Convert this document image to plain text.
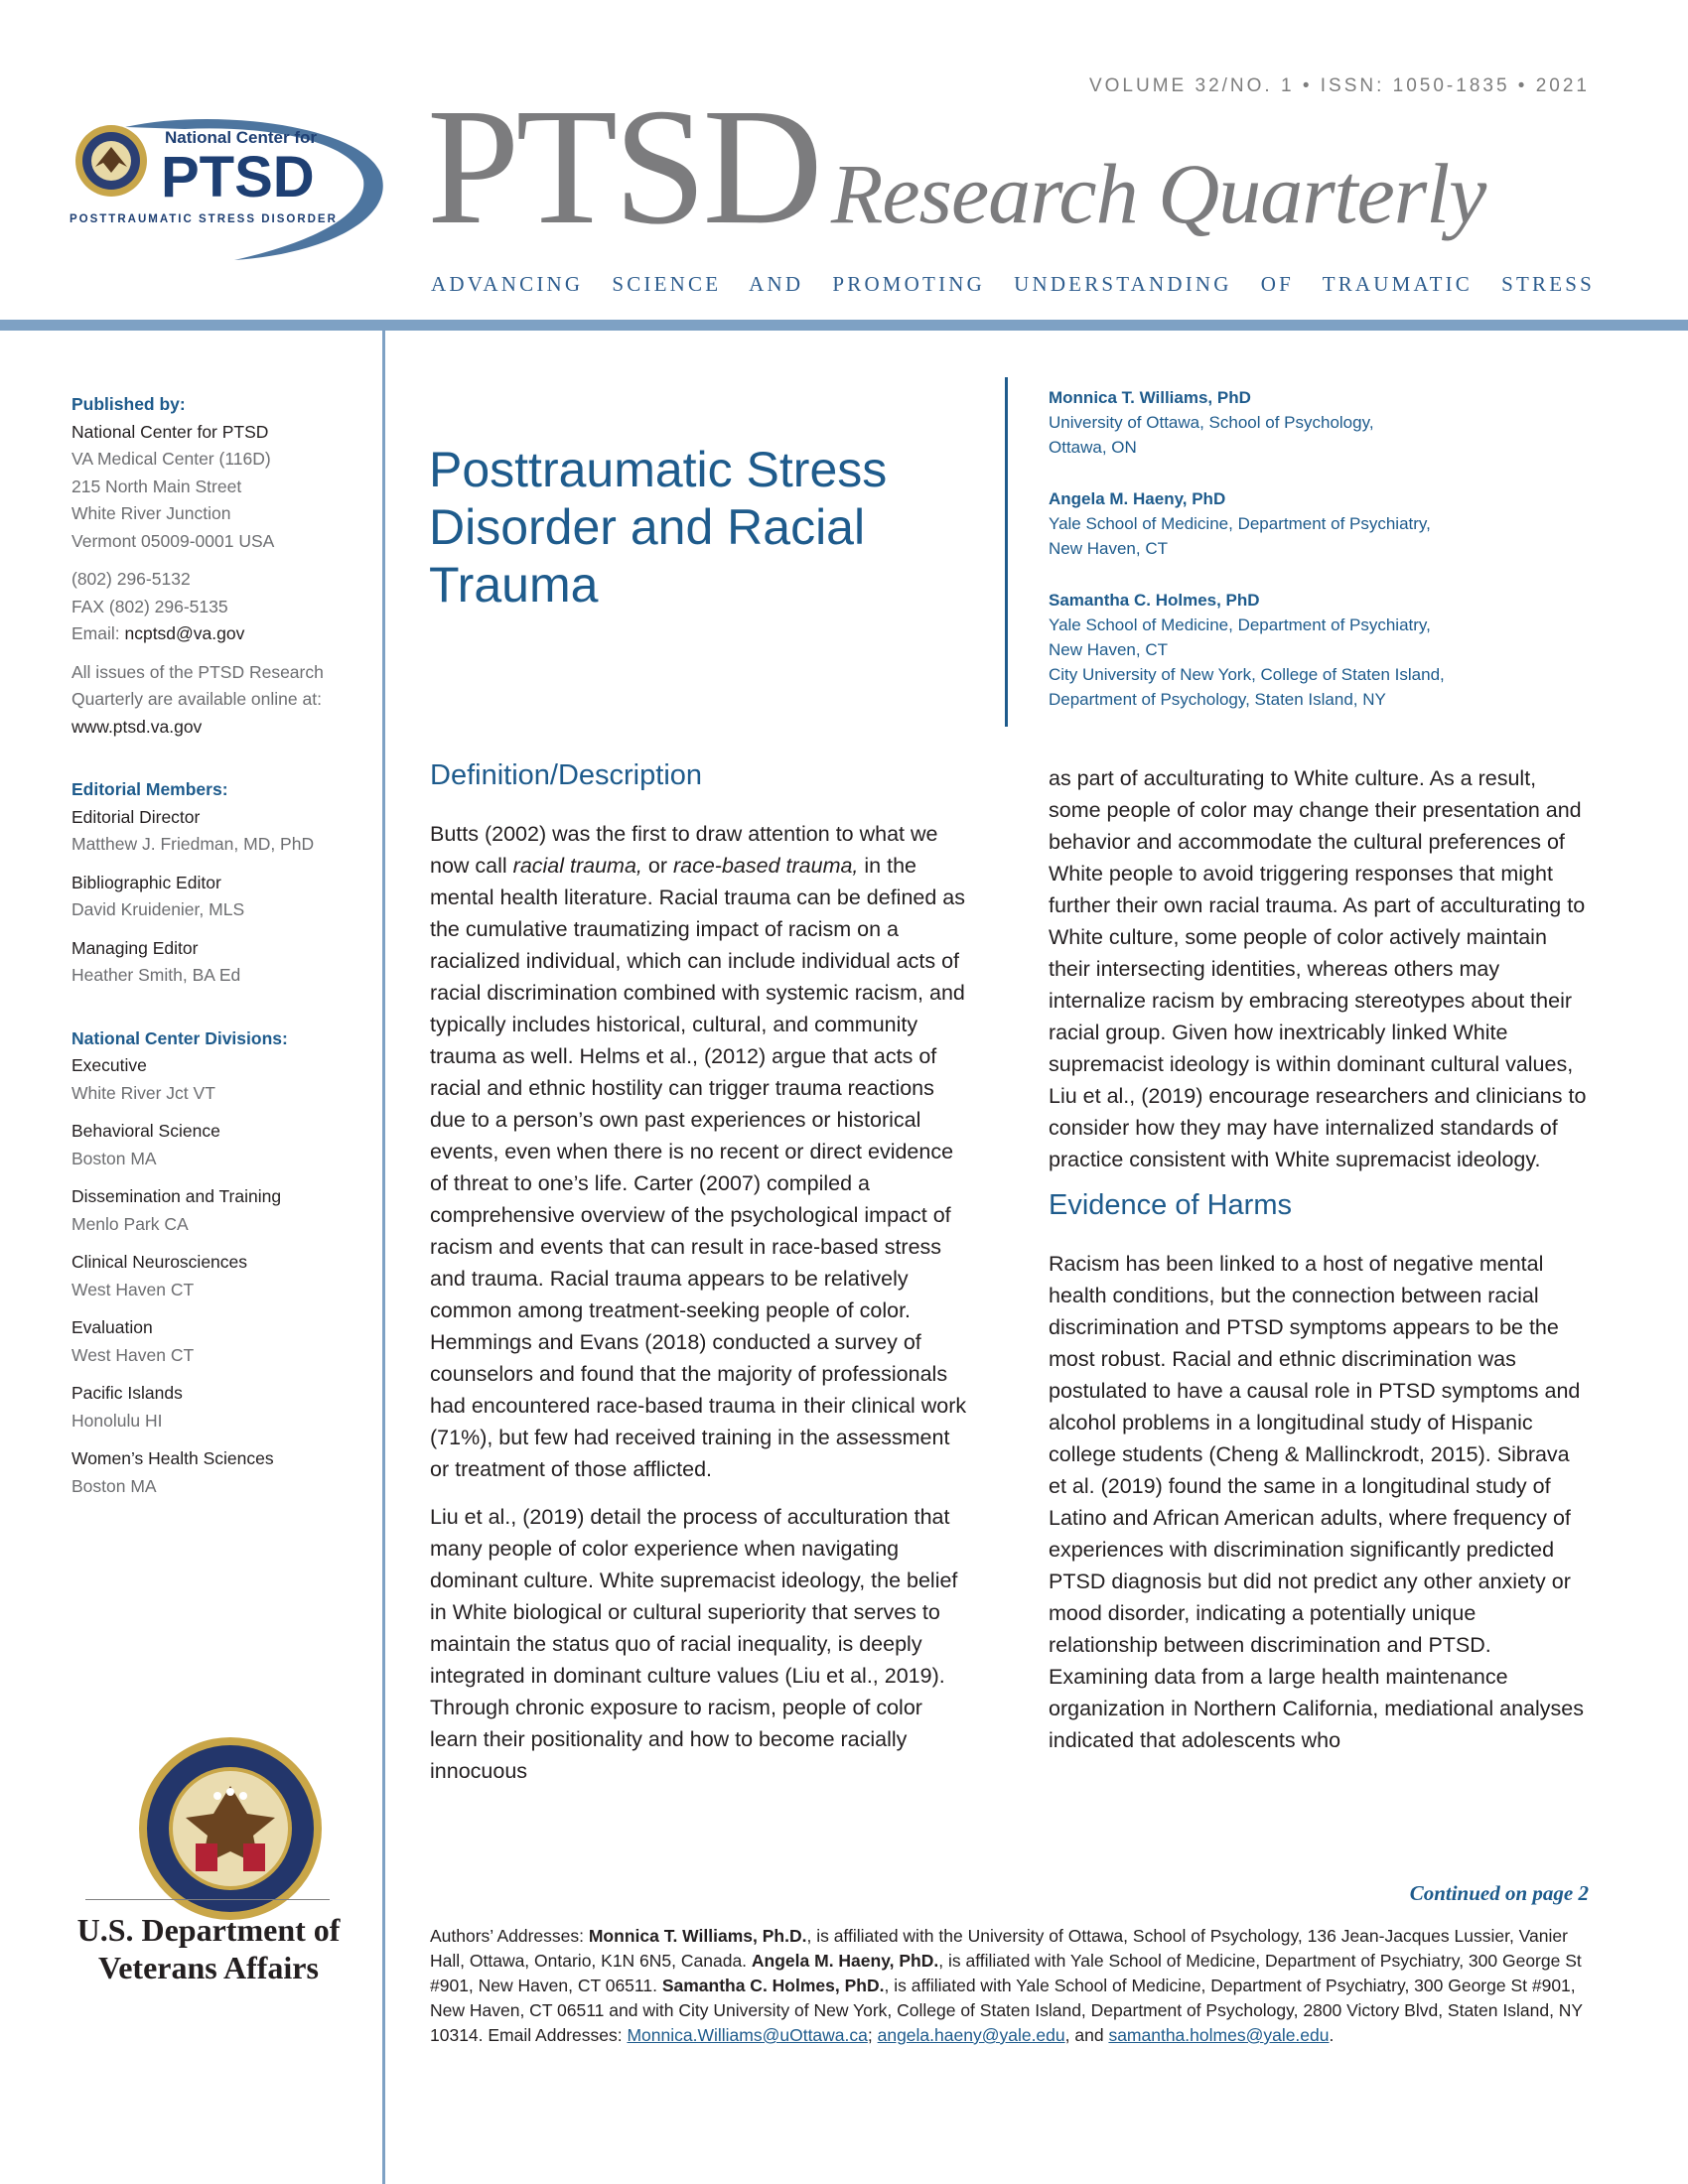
National Center for
PTSD
POSTTRAUMATIC STRESS DISORDER
VOLUME 32/NO. 1 • ISSN: 1050-1835 • 2021
PTSD Research Quarterly
ADVANCING SCIENCE AND PROMOTING UNDERSTANDING OF TRAUMATIC STRESS
Published by:
National Center for PTSD
VA Medical Center (116D)
215 North Main Street
White River Junction
Vermont 05009-0001 USA
(802) 296-5132
FAX (802) 296-5135
Email: ncptsd@va.gov
All issues of the PTSD Research
Quarterly are available online at:
www.ptsd.va.gov
Editorial Members:
Editorial Director
Matthew J. Friedman, MD, PhD
Bibliographic Editor
David Kruidenier, MLS
Managing Editor
Heather Smith, BA Ed
National Center Divisions:
Executive
White River Jct VT
Behavioral Science
Boston MA
Dissemination and Training
Menlo Park CA
Clinical Neurosciences
West Haven CT
Evaluation
West Haven CT
Pacific Islands
Honolulu HI
Women’s Health Sciences
Boston MA
U.S. Department of Veterans Affairs
Posttraumatic Stress Disorder and Racial Trauma
Monnica T. Williams, PhD
University of Ottawa, School of Psychology,
Ottawa, ON
Angela M. Haeny, PhD
Yale School of Medicine, Department of Psychiatry,
New Haven, CT
Samantha C. Holmes, PhD
Yale School of Medicine, Department of Psychiatry,
New Haven, CT
City University of New York, College of Staten Island,
Department of Psychology, Staten Island, NY
Definition/Description

Butts (2002) was the first to draw attention to what we now call racial trauma, or race-based trauma, in the mental health literature. Racial trauma can be defined as the cumulative traumatizing impact of racism on a racialized individual, which can include individual acts of racial discrimination combined with systemic racism, and typically includes historical, cultural, and community trauma as well. Helms et al., (2012) argue that acts of racial and ethnic hostility can trigger trauma reactions due to a person’s own past experiences or historical events, even when there is no recent or direct evidence of threat to one’s life. Carter (2007) compiled a comprehensive overview of the psychological impact of racism and events that can result in race-based stress and trauma. Racial trauma appears to be relatively common among treatment-seeking people of color. Hemmings and Evans (2018) conducted a survey of counselors and found that the majority of professionals had encountered race-based trauma in their clinical work (71%), but few had received training in the assessment or treatment of those afflicted.

Liu et al., (2019) detail the process of acculturation that many people of color experience when navigating dominant culture. White supremacist ideology, the belief in White biological or cultural superiority that serves to maintain the status quo of racial inequality, is deeply integrated in dominant culture values (Liu et al., 2019). Through chronic exposure to racism, people of color learn their positionality and how to become racially innocuous

as part of acculturating to White culture. As a result, some people of color may change their presentation and behavior and accommodate the cultural preferences of White people to avoid triggering responses that might further their own racial trauma. As part of acculturating to White culture, some people of color actively maintain their intersecting identities, whereas others may internalize racism by embracing stereotypes about their racial group. Given how inextricably linked White supremacist ideology is within dominant cultural values, Liu et al., (2019) encourage researchers and clinicians to consider how they may have internalized standards of practice consistent with White supremacist ideology.

Evidence of Harms

Racism has been linked to a host of negative mental health conditions, but the connection between racial discrimination and PTSD symptoms appears to be the most robust. Racial and ethnic discrimination was postulated to have a causal role in PTSD symptoms and alcohol problems in a longitudinal study of Hispanic college students (Cheng & Mallinckrodt, 2015). Sibrava et al. (2019) found the same in a longitudinal study of Latino and African American adults, where frequency of experiences with discrimination significantly predicted PTSD diagnosis but did not predict any other anxiety or mood disorder, indicating a potentially unique relationship between discrimination and PTSD. Examining data from a large health maintenance organization in Northern California, mediational analyses indicated that adolescents who

Continued on page 2
Authors’ Addresses: Monnica T. Williams, Ph.D., is affiliated with the University of Ottawa, School of Psychology, 136 Jean-Jacques Lussier, Vanier Hall, Ottawa, Ontario, K1N 6N5, Canada. Angela M. Haeny, PhD., is affiliated with Yale School of Medicine, Department of Psychiatry, 300 George St #901, New Haven, CT 06511. Samantha C. Holmes, PhD., is affiliated with Yale School of Medicine, Department of Psychiatry, 300 George St #901, New Haven, CT 06511 and with City University of New York, College of Staten Island, Department of Psychology, 2800 Victory Blvd, Staten Island, NY 10314. Email Addresses: Monnica.Williams@uOttawa.ca; angela.haeny@yale.edu, and samantha.holmes@yale.edu.
